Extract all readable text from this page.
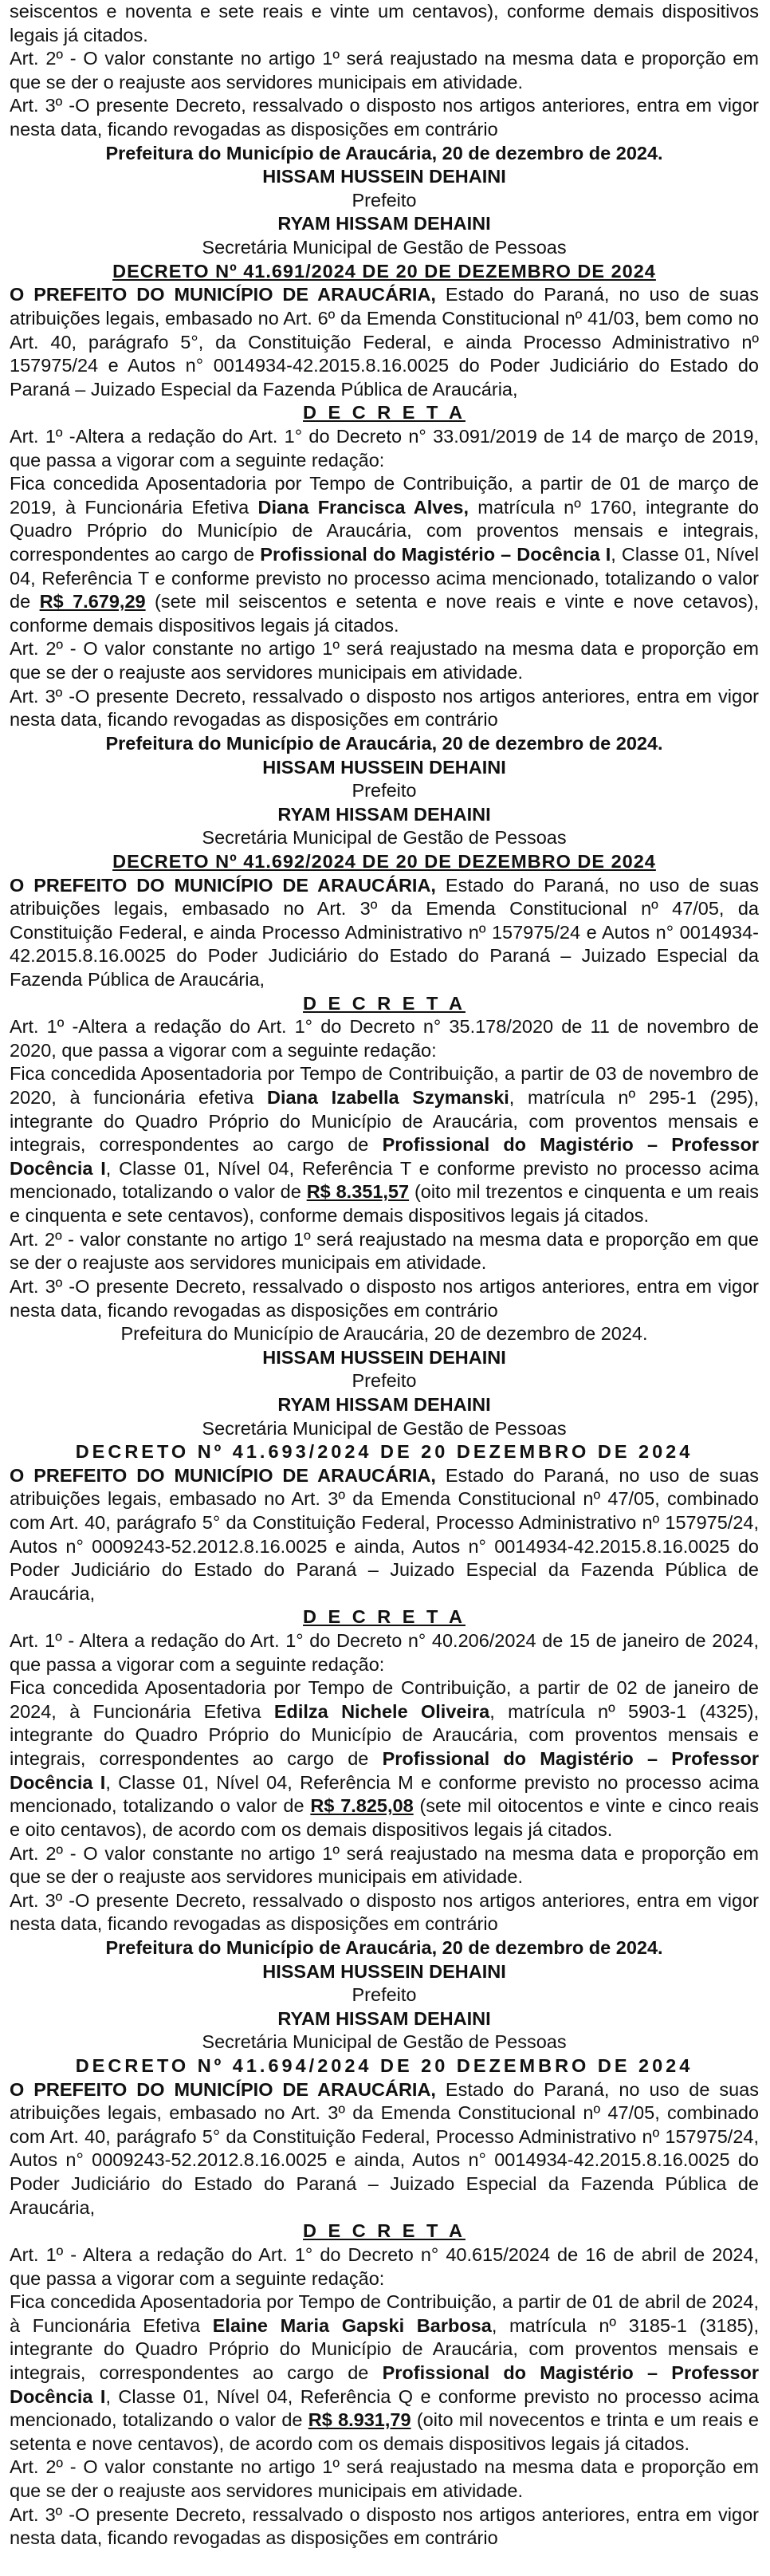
seiscentos e noventa e sete reais e vinte um centavos), conforme demais dispositivos legais já citados.

Art. 2º - O valor constante no artigo 1º será reajustado na mesma data e proporção em que se der o reajuste aos servidores municipais em atividade.

Art. 3º -O presente Decreto, ressalvado o disposto nos artigos anteriores, entra em vigor nesta data, ficando revogadas as disposições em contrário

Prefeitura do Município de Araucária, 20 de dezembro de 2024.
HISSAM HUSSEIN DEHAINI
Prefeito
RYAM HISSAM DEHAINI
Secretária Municipal de Gestão de Pessoas
DECRETO Nº 41.691/2024 DE 20 DE DEZEMBRO DE 2024

O PREFEITO DO MUNICÍPIO DE ARAUCÁRIA, Estado do Paraná, no uso de suas atribuições legais, embasado no Art. 6º da Emenda Constitucional nº 41/03, bem como no Art. 40, parágrafo 5°, da Constituição Federal, e ainda Processo Administrativo nº 157975/24 e Autos n° 0014934-42.2015.8.16.0025 do Poder Judiciário do Estado do Paraná – Juizado Especial da Fazenda Pública de Araucária,

D E C R E T A

Art. 1º -Altera a redação do Art. 1° do Decreto n° 33.091/2019 de 14 de março de 2019, que passa a vigorar com a seguinte redação:

Fica concedida Aposentadoria por Tempo de Contribuição, a partir de 01 de março de 2019, à Funcionária Efetiva Diana Francisca Alves, matrícula nº 1760, integrante do Quadro Próprio do Município de Araucária, com proventos mensais e integrais, correspondentes ao cargo de Profissional do Magistério – Docência I, Classe 01, Nível 04, Referência T e conforme previsto no processo acima mencionado, totalizando o valor de R$ 7.679,29 (sete mil seiscentos e setenta e nove reais e vinte e nove cetavos), conforme demais dispositivos legais já citados.

Art. 2º - O valor constante no artigo 1º será reajustado na mesma data e proporção em que se der o reajuste aos servidores municipais em atividade.

Art. 3º -O presente Decreto, ressalvado o disposto nos artigos anteriores, entra em vigor nesta data, ficando revogadas as disposições em contrário

Prefeitura do Município de Araucária, 20 de dezembro de 2024.
HISSAM HUSSEIN DEHAINI
Prefeito
RYAM HISSAM DEHAINI
Secretária Municipal de Gestão de Pessoas
DECRETO Nº 41.692/2024 DE 20 DE DEZEMBRO DE 2024

O PREFEITO DO MUNICÍPIO DE ARAUCÁRIA, Estado do Paraná, no uso de suas atribuições legais, embasado no Art. 3º da Emenda Constitucional nº 47/05, da Constituição Federal, e ainda Processo Administrativo nº 157975/24 e Autos n° 0014934-42.2015.8.16.0025 do Poder Judiciário do Estado do Paraná – Juizado Especial da Fazenda Pública de Araucária,

D E C R E T A

Art. 1º -Altera a redação do Art. 1° do Decreto n° 35.178/2020 de 11 de novembro de 2020, que passa a vigorar com a seguinte redação:

Fica concedida Aposentadoria por Tempo de Contribuição, a partir de 03 de novembro de 2020, à funcionária efetiva Diana Izabella Szymanski, matrícula nº 295-1 (295), integrante do Quadro Próprio do Município de Araucária, com proventos mensais e integrais, correspondentes ao cargo de Profissional do Magistério – Professor Docência I, Classe 01, Nível 04, Referência T e conforme previsto no processo acima mencionado, totalizando o valor de R$ 8.351,57 (oito mil trezentos e cinquenta e um reais e cinquenta e sete centavos), conforme demais dispositivos legais já citados.

Art. 2º - valor constante no artigo 1º será reajustado na mesma data e proporção em que se der o reajuste aos servidores municipais em atividade.

Art. 3º -O presente Decreto, ressalvado o disposto nos artigos anteriores, entra em vigor nesta data, ficando revogadas as disposições em contrário

Prefeitura do Município de Araucária, 20 de dezembro de 2024.
HISSAM HUSSEIN DEHAINI
Prefeito
RYAM HISSAM DEHAINI
Secretária Municipal de Gestão de Pessoas
DECRETO Nº 41.693/2024 DE 20 DEZEMBRO DE 2024

O PREFEITO DO MUNICÍPIO DE ARAUCÁRIA, Estado do Paraná, no uso de suas atribuições legais, embasado no Art. 3º da Emenda Constitucional nº 47/05, combinado com Art. 40, parágrafo 5° da Constituição Federal, Processo Administrativo nº 157975/24, Autos n° 0009243-52.2012.8.16.0025 e ainda, Autos n° 0014934-42.2015.8.16.0025 do Poder Judiciário do Estado do Paraná – Juizado Especial da Fazenda Pública de Araucária,

D E C R E T A

Art. 1º - Altera a redação do Art. 1° do Decreto n° 40.206/2024 de 15 de janeiro de 2024, que passa a vigorar com a seguinte redação:

Fica concedida Aposentadoria por Tempo de Contribuição, a partir de 02 de janeiro de 2024, à Funcionária Efetiva Edilza Nichele Oliveira, matrícula nº 5903-1 (4325), integrante do Quadro Próprio do Município de Araucária, com proventos mensais e integrais, correspondentes ao cargo de Profissional do Magistério – Professor Docência I, Classe 01, Nível 04, Referência M e conforme previsto no processo acima mencionado, totalizando o valor de R$ 7.825,08 (sete mil oitocentos e vinte e cinco reais e oito centavos), de acordo com os demais dispositivos legais já citados.

Art. 2º - O valor constante no artigo 1º será reajustado na mesma data e proporção em que se der o reajuste aos servidores municipais em atividade.

Art. 3º -O presente Decreto, ressalvado o disposto nos artigos anteriores, entra em vigor nesta data, ficando revogadas as disposições em contrário

Prefeitura do Município de Araucária, 20 de dezembro de 2024.
HISSAM HUSSEIN DEHAINI
Prefeito
RYAM HISSAM DEHAINI
Secretária Municipal de Gestão de Pessoas
DECRETO Nº 41.694/2024 DE 20 DEZEMBRO DE 2024

O PREFEITO DO MUNICÍPIO DE ARAUCÁRIA, Estado do Paraná, no uso de suas atribuições legais, embasado no Art. 3º da Emenda Constitucional nº 47/05, combinado com Art. 40, parágrafo 5° da Constituição Federal, Processo Administrativo nº 157975/24, Autos n° 0009243-52.2012.8.16.0025 e ainda, Autos n° 0014934-42.2015.8.16.0025 do Poder Judiciário do Estado do Paraná – Juizado Especial da Fazenda Pública de Araucária,

D E C R E T A

Art. 1º - Altera a redação do Art. 1° do Decreto n° 40.615/2024 de 16 de abril de 2024, que passa a vigorar com a seguinte redação:

Fica concedida Aposentadoria por Tempo de Contribuição, a partir de 01 de abril de 2024, à Funcionária Efetiva Elaine Maria Gapski Barbosa, matrícula nº 3185-1 (3185), integrante do Quadro Próprio do Município de Araucária, com proventos mensais e integrais, correspondentes ao cargo de Profissional do Magistério – Professor Docência I, Classe 01, Nível 04, Referência Q e conforme previsto no processo acima mencionado, totalizando o valor de R$ 8.931,79 (oito mil novecentos e trinta e um reais e setenta e nove centavos), de acordo com os demais dispositivos legais já citados.

Art. 2º - O valor constante no artigo 1º será reajustado na mesma data e proporção em que se der o reajuste aos servidores municipais em atividade.

Art. 3º -O presente Decreto, ressalvado o disposto nos artigos anteriores, entra em vigor nesta data, ficando revogadas as disposições em contrário
